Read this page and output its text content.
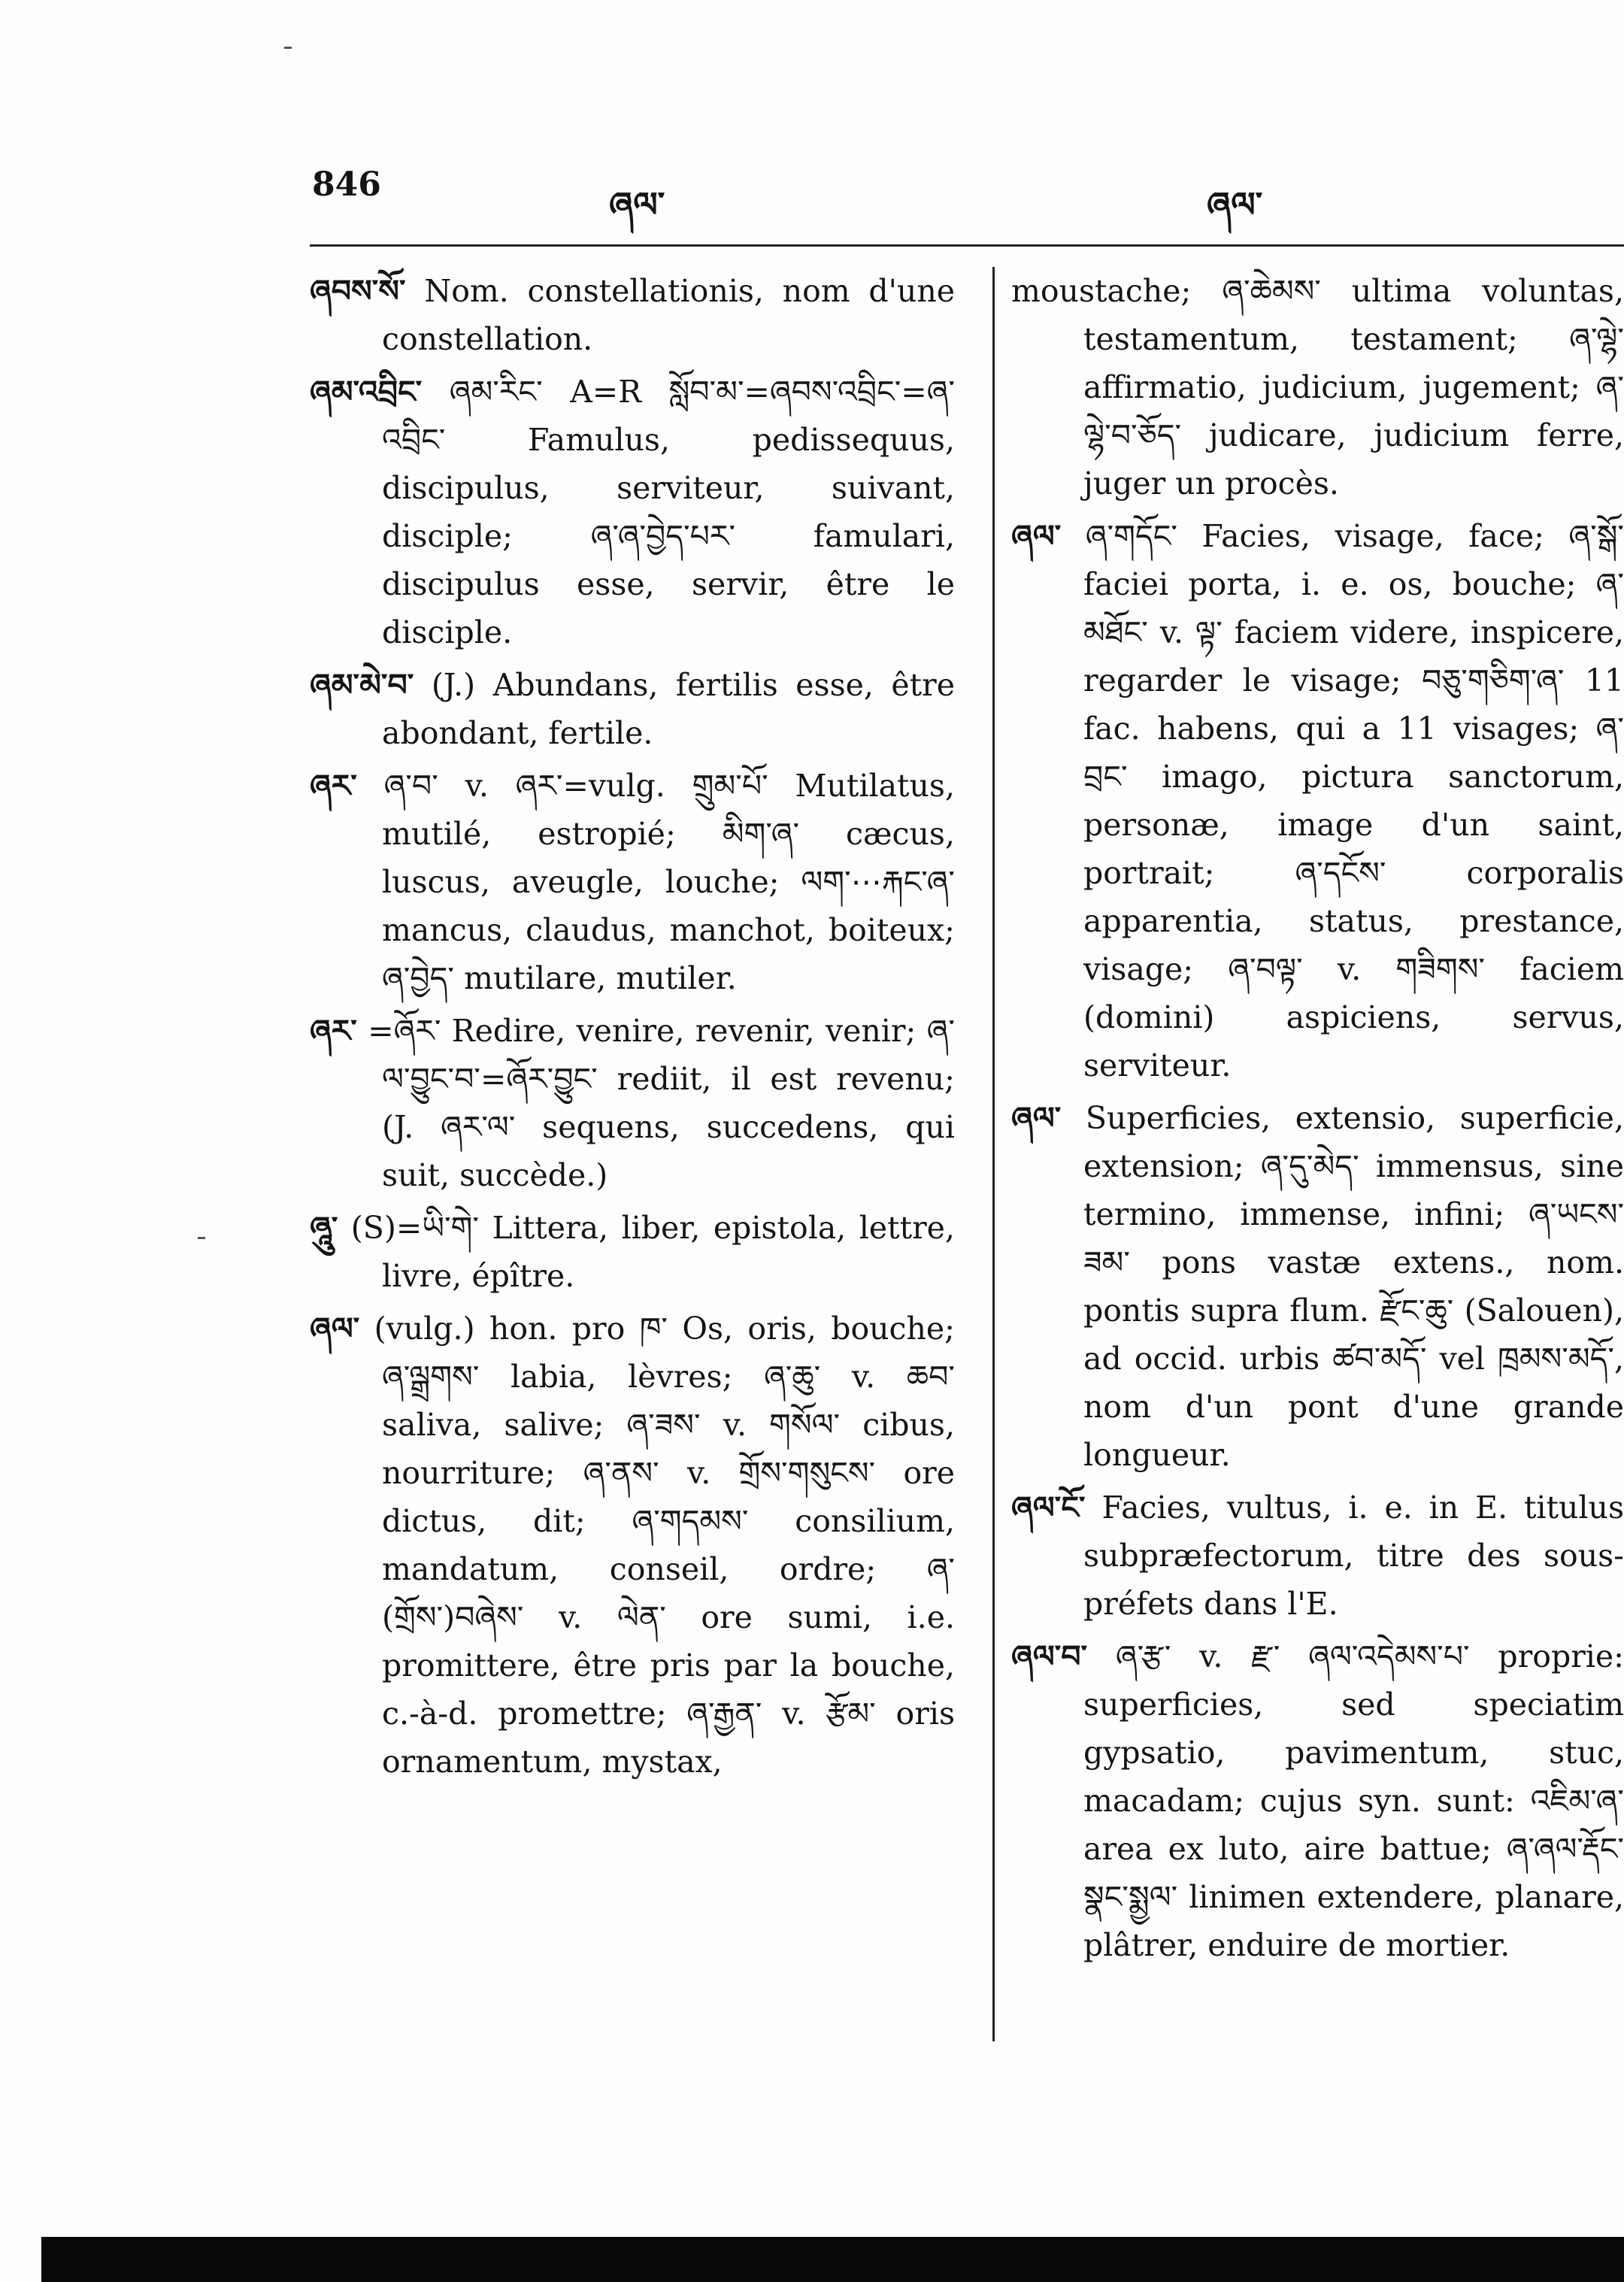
846	ཞལ་	ཞལ་

ཞབས་སོ་ Nom. constellationis, nom d'une constellation.

ཞམ་འབྲིང་ ཞམ་རིང་ A=R སློབ་མ་=ཞབས་འབྲིང་=ཞ་འབྲིང་ Famulus, pedissequus, discipulus, serviteur, suivant, disciple; ཞ་ཞ་བྱེད་པར་ famulari, discipulus esse, servir, être le disciple.

ཞམ་མེ་བ་ (J.) Abundans, fertilis esse, être abondant, fertile.

ཞར་ ཞ་བ་ v. ཞར་=vulg. གྲུམ་པོ་ Mutilatus, mutilé, estropié; མིག་ཞ་ cæcus, luscus, aveugle, louche; ལག་⋯རྐང་ཞ་ mancus, claudus, manchot, boiteux; ཞ་བྱེད་ mutilare, mutiler.

ཞར་ =ཞོར་ Redire, venire, revenir, venir; ཞ་ལ་བྱུང་བ་=ཞོར་བྱུང་ rediit, il est revenu; (J. ཞར་ལ་ sequens, succedens, qui suit, succède.)

ཞཱུ་ (S)=ཡི་གེ་ Littera, liber, epistola, lettre, livre, épître.

ཞལ་ (vulg.) hon. pro ཁ་ Os, oris, bouche; ཞ་ལྒྲགས་ labia, lèvres; ཞ་ཆུ་ v. ཆབ་ saliva, salive; ཞ་ཟས་ v. གསོལ་ cibus, nourriture; ཞ་ནས་ v. གྲོས་གསུངས་ ore dictus, dit; ཞ་གདམས་ consilium, mandatum, conseil, ordre; ཞ་(གྲོས་)བཞེས་ v. ལེན་ ore sumi, i.e. promittere, être pris par la bouche, c.-à-d. promettre; ཞ་རྒྱན་ v. རྩོམ་ oris ornamentum, mystax,

moustache; ཞ་ཆེམས་ ultima voluntas, testamentum, testament; ཞ་ལྷེ་ affirmatio, judicium, jugement; ཞ་ལྷེ་བ་ཅོད་ judicare, judicium ferre, juger un procès.

ཞལ་ ཞ་གདོང་ Facies, visage, face; ཞ་སྒོ་ faciei porta, i. e. os, bouche; ཞ་མཐོང་ v. ལྟ་ faciem videre, inspicere, regarder le visage; བཅུ་གཅིག་ཞ་ 11 fac. habens, qui a 11 visages; ཞ་བྲང་ imago, pictura sanctorum, personæ, image d'un saint, portrait; ཞ་དངོས་ corporalis apparentia, status, prestance, visage; ཞ་བལྟ་ v. གཟིགས་ faciem (domini) aspiciens, servus, serviteur.

ཞལ་ Superficies, extensio, superficie, extension; ཞ་དུ་མེད་ immensus, sine termino, immense, infini; ཞ་ཡངས་ཟམ་ pons vastæ extens., nom. pontis supra flum. རྫོང་ཆུ་ (Salouen), ad occid. urbis ཚབ་མདོ་ vel ཁྲམས་མདོ་, nom d'un pont d'une grande longueur.

ཞལ་ངོ་ Facies, vultus, i. e. in E. titulus subpræfectorum, titre des sous-préfets dans l'E.

ཞལ་བ་ ཞ་རྩ་ v. རྫ་ ཞལ་འདེམས་པ་ proprie: superficies, sed speciatim gypsatio, pavimentum, stuc, macadam; cujus syn. sunt: འཇིམ་ཞ་ area ex luto, aire battue; ཞ་ཞལ་རྡོང་ སྣང་སྨྱལ་ linimen extendere, planare, plâtrer, enduire de mortier.
